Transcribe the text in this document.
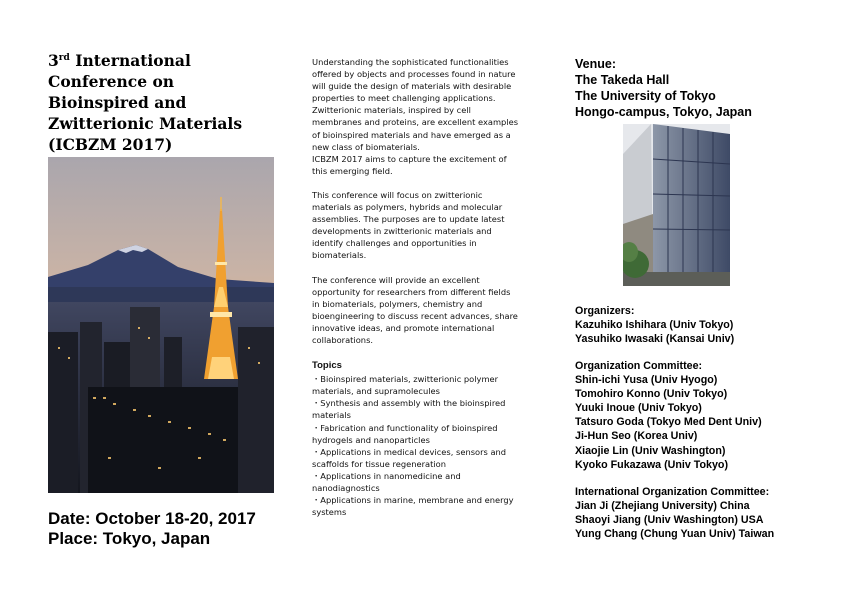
3rd International
Conference on
Bioinspired and
Zwitterionic Materials
(ICBZM 2017)
Date: October 18-20, 2017
Place: Tokyo, Japan

Understanding the sophisticated functionalities
offered by objects and processes found in nature
will guide the design of materials with desirable
properties to meet challenging applications.
Zwitterionic materials, inspired by cell
membranes and proteins, are excellent examples
of bioinspired materials and have emerged as a
new class of biomaterials.
ICBZM 2017 aims to capture the excitement of
this emerging field.

This conference will focus on zwitterionic
materials as polymers, hybrids and molecular
assemblies. The purposes are to update latest
developments in zwitterionic materials and
identify challenges and opportunities in
biomaterials.

The conference will provide an excellent
opportunity for researchers from different fields
in biomaterials, polymers, chemistry and
bioengineering to discuss recent advances, share
innovative ideas, and promote international
collaborations.

Topics
・Bioinspired materials, zwitterionic polymer
materials, and supramolecules
・Synthesis and assembly with the bioinspired
materials
・Fabrication and functionality of bioinspired
hydrogels and nanoparticles
・Applications in medical devices, sensors and
scaffolds for tissue regeneration
・Applications in nanomedicine and
nanodiagnostics
・Applications in marine, membrane and energy
systems
Venue:
The Takeda Hall
The University of Tokyo
Hongo-campus, Tokyo, Japan
Organizers:
Kazuhiko Ishihara (Univ Tokyo)
Yasuhiko Iwasaki (Kansai Univ)
Organization Committee:
Shin-ichi Yusa (Univ Hyogo)
Tomohiro Konno (Univ Tokyo)
Yuuki Inoue (Univ Tokyo)
Tatsuro Goda (Tokyo Med Dent Univ)
Ji-Hun Seo (Korea Univ)
Xiaojie Lin (Univ Washington)
Kyoko Fukazawa (Univ Tokyo)
International Organization Committee:
Jian Ji (Zhejiang University) China
Shaoyi Jiang (Univ Washington) USA
Yung Chang (Chung Yuan Univ) Taiwan
